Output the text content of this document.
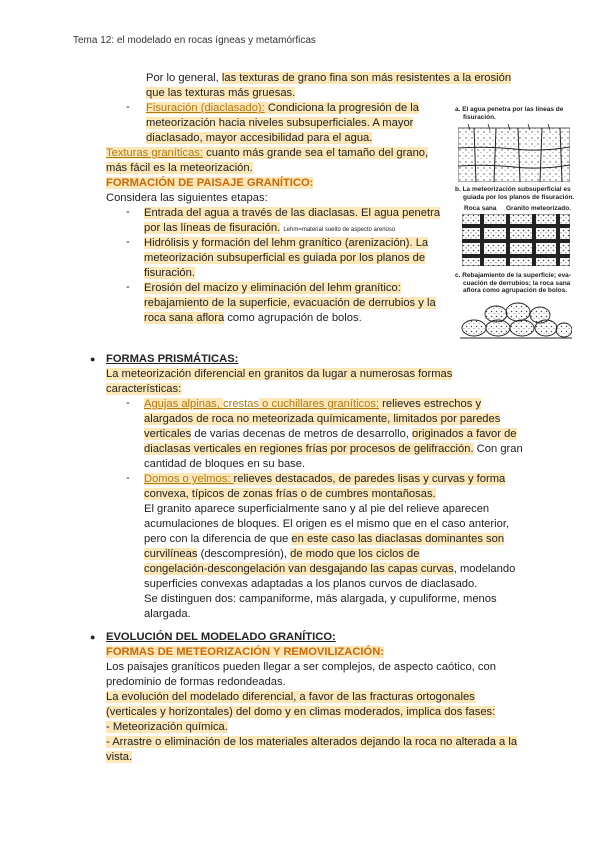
Tema 12: el modelado en rocas ígneas y metamórficas
Por lo general, las texturas de grano fina son más resistentes a la erosión
que las texturas más gruesas.
- Fisuración (diaclasado): Condiciona la progresión de la
meteorización hacia niveles subsuperficiales. A mayor
diaclasado, mayor accesibilidad para el agua.
Texturas graníticas: cuanto más grande sea el tamaño del grano,
más fácil es la meteorización.
FORMACIÓN DE PAISAJE GRANÍTICO:
Considera las siguientes etapas:
- Entrada del agua a través de las diaclasas. El agua penetra
por las líneas de fisuración. Lehm=material suelto de aspecto arenoso
- Hidrólisis y formación del lehm granítico (arenización). La
meteorización subsuperficial es guiada por los planos de
fisuración.
- Erosión del macizo y eliminación del lehm granítico:
rebajamiento de la superficie, evacuación de derrubios y la
roca sana aflora como agrupación de bolos.
a. El agua penetra por las líneas de
fisuración.
b. La meteorización subsuperficial es
guiada por los planos de fisuración.
Roca sana Granito meteorizado.
c. Rebajamiento de la superficie; eva-
cuación de derrubios; la roca sana
aflora como agrupación de bolos.
● FORMAS PRISMÁTICAS:
La meteorización diferencial en granitos da lugar a numerosas formas
características:
- Agujas alpinas, crestas o cuchillares graníticos: relieves estrechos y
alargados de roca no meteorizada químicamente, limitados por paredes
verticales de varias decenas de metros de desarrollo, originados a favor de
diaclasas verticales en regiones frías por procesos de gelifracción. Con gran
cantidad de bloques en su base.
- Domos o yelmos: relieves destacados, de paredes lisas y curvas y forma
convexa, típicos de zonas frías o de cumbres montañosas.
El granito aparece superficialmente sano y al pie del relieve aparecen
acumulaciones de bloques. El origen es el mismo que en el caso anterior,
pero con la diferencia de que en este caso las diaclasas dominantes son
curvilíneas (descompresión), de modo que los ciclos de
congelación-descongelación van desgajando las capas curvas, modelando
superficies convexas adaptadas a los planos curvos de diaclasado.
Se distinguen dos: campaniforme, más alargada, y cupuliforme, menos
alargada.
● EVOLUCIÓN DEL MODELADO GRANÍTICO:
FORMAS DE METEORIZACIÓN Y REMOVILIZACIÓN:
Los paisajes graníticos pueden llegar a ser complejos, de aspecto caótico, con
predominio de formas redondeadas.
La evolución del modelado diferencial, a favor de las fracturas ortogonales
(verticales y horizontales) del domo y en climas moderados, implica dos fases:
- Meteorización química.
- Arrastre o eliminación de los materiales alterados dejando la roca no alterada a la
vista.
